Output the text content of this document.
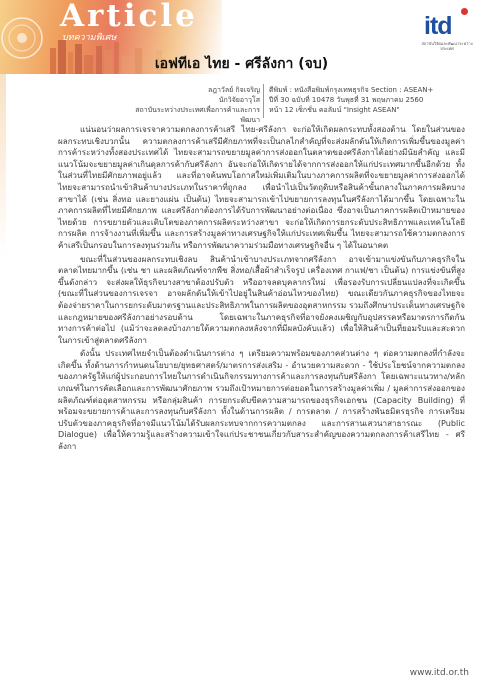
Article
บทความพิเศษ	itd
สถาบันวิจัยและพัฒนาระหว่างประเทศ
เอฟทีเอ ไทย - ศรีลังกา (จบ)
ลฎาวัลย์ กิจเจริญ
นักวิจัยอาวุโส
สถาบันระหว่างประเทศเพื่อการค้าและการพัฒนา
ตีพิมพ์ : หนังสือพิมพ์กรุงเทพธุรกิจ Section : ASEAN+
ปีที่ 30 ฉบับที่ 10478 วันพุธที่ 31 พฤษภาคม 2560
หน้า 12 เซ็กชั่น คอลัมน์ "Insight ASEAN"

แน่นอนว่าผลการเจรจาความตกลงการค้าเสรี ไทย-ศรีลังกา จะก่อให้เกิดผลกระทบทั้งสองด้าน โดยในส่วนของผลกระทบเชิงบวกนั้น ความตกลงการค้าเสรีมีศักยภาพที่จะเป็นกลไกสำคัญที่จะส่งผลักดันให้เกิดการเพิ่มขึ้นของมูลค่าการค้าระหว่างทั้งสองประเทศได้ ไทยจะสามารถขยายมูลค่าการส่งออกในตลาดของศรีลังกาได้อย่างมีนัยสำคัญ และมีแนวโน้มจะขยายมูลค่าเกินดุลการค้ากับศรีลังกา อันจะก่อให้เกิดรายได้จากการส่งออกให้แก่ประเทศมากขึ้นอีกด้วย ทั้งในส่วนที่ไทยมีศักยภาพอยู่แล้ว และที่อาจค้นพบโอกาสใหม่เพิ่มเติมในบางภาคการผลิตที่จะขยายมูลค่าการส่งออกได้ ไทยจะสามารถนำเข้าสินค้าบางประเภทในราคาที่ถูกลง เพื่อนำไปเป็นวัตถุดิบหรือสินค้าขั้นกลางในภาคการผลิตบางสาขาได้ (เช่น สิ่งทอ และยางแผ่น เป็นต้น) ไทยจะสามารถเข้าไปขยายการลงทุนในศรีลังกาได้มากขึ้น โดยเฉพาะในภาคการผลิตที่ไทยมีศักยภาพ และศรีลังกาต้องการได้รับการพัฒนาอย่างต่อเนื่อง ซึ่งอาจเป็นภาคการผลิตเป้าหมายของไทยด้วย การขยายตัวและเติบโตของภาคการผลิตระหว่างสาขา จะก่อให้เกิดการยกระดับประสิทธิภาพและเทคโนโลยีการผลิต การจ้างงานที่เพิ่มขึ้น และการสร้างมูลค่าทางเศรษฐกิจให้แก่ประเทศเพิ่มขึ้น ไทยจะสามารถใช้ความตกลงการค้าเสรีเป็นกรอบในการลงทุนร่วมกัน หรือการพัฒนาความร่วมมือทางเศรษฐกิจอื่น ๆ ได้ในอนาคต

ขณะที่ในส่วนของผลกระทบเชิงลบ สินค้านำเข้าบางประเภทจากศรีลังกา อาจเข้ามาแข่งขันกับภาคธุรกิจในตลาดไทยมากขึ้น (เช่น ชา และผลิตภัณฑ์จากพืช สิ่งทอ/เสื้อผ้าสำเร็จรูป เครื่องเทศ กาแฟ/ชา เป็นต้น) การแข่งขันที่สูงขึ้นดังกล่าว จะส่งผลให้ธุรกิจบางสาขาต้องปรับตัว หรืออาจลดบุคลากรใหม่ เพื่อรองรับการเปลี่ยนแปลงที่จะเกิดขึ้น (ขณะที่ในส่วนของการเจรจา อาจผลักดันให้เข้าไปอยู่ในสินค้าอ่อนไหวของไทย) ขณะเดียวกันภาคธุรกิจของไทยจะต้องจ่ายราคาในการยกระดับมาตรฐานและประสิทธิภาพในการผลิตของอุตสาหกรรม รวมถึงศึกษาประเด็นทางเศรษฐกิจและกฎหมายของศรีลังกาอย่างรอบด้าน โดยเฉพาะในภาคธุรกิจที่อาจยังคงเผชิญกับอุปสรรคหรือมาตรการกีดกันทางการค้าต่อไป (แม้ว่าจะลดลงบ้างภายใต้ความตกลงหลังจากที่มีผลบังคับแล้ว) เพื่อให้สินค้าเป็นที่ยอมรับและสะดวกในการเข้าสู่ตลาดศรีลังกา

ดังนั้น ประเทศไทยจำเป็นต้องดำเนินการต่าง ๆ เตรียมความพร้อมของภาคส่วนต่าง ๆ ต่อความตกลงที่กำลังจะเกิดขึ้น ทั้งด้านการกำหนดนโยบาย/ยุทธศาสตร์/มาตรการส่งเสริม - อำนวยความสะดวก - ใช้ประโยชน์จากความตกลง ของภาครัฐให้แก่ผู้ประกอบการไทยในการดำเนินกิจกรรมทางการค้าและการลงทุนกับศรีลังกา โดยเฉพาะแนวทาง/หลักเกณฑ์ในการคัดเลือกและการพัฒนาศักยภาพ รวมถึงเป้าหมายการต่อยอดในการสร้างมูลค่าเพิ่ม / มูลค่าการส่งออกของผลิตภัณฑ์ต่ออุตสาหกรรม หรือกลุ่มสินค้า การยกระดับขีดความสามารถของธุรกิจเอกชน (Capacity Building) ที่พร้อมจะขยายการค้าและการลงทุนกับศรีลังกา ทั้งในด้านการผลิต / การตลาด / การสร้างพันธมิตรธุรกิจ การเตรียมปรับตัวของภาคธุรกิจที่อาจมีแนวโน้มได้รับผลกระทบจากการความตกลง และการสานเสวนาสาธารณะ (Public Dialogue) เพื่อให้ความรู้และสร้างความเข้าใจแก่ประชาชนเกี่ยวกับสาระสำคัญของความตกลงการค้าเสรีไทย - ศรีลังกา

www.itd.or.th
